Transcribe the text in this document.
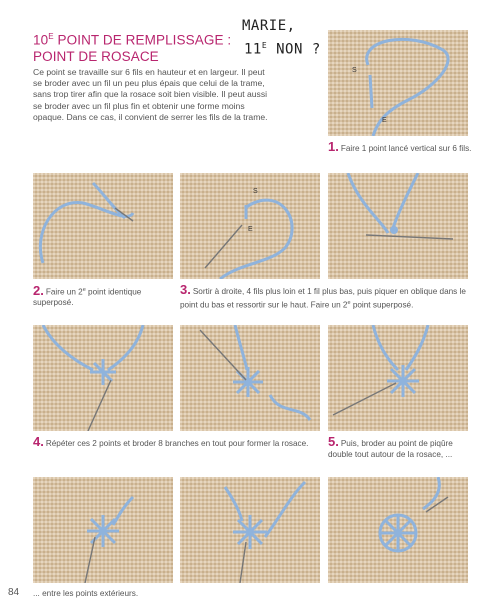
$10^E$ POINT DE REMPLISSAGE :
POINT DE ROSACE
Ce point se travaille sur 6 fils en hauteur et en largeur. Il peut se broder avec un fil un peu plus épais que celui de la trame, sans trop tirer afin que la rosace soit bien visible. Il peut aussi se broder avec un fil plus fin et obtenir une forme moins opaque. Dans ce cas, il convient de serrer les fils de la trame.
MARIE,
$11^E$ NON ?
S
E
1. Faire 1 point lancé vertical sur 6 fils.
S
E
2. Faire un 2e point identique superposé.
3. Sortir à droite, 4 fils plus loin et 1 fil plus bas, puis piquer en oblique dans le point du bas et ressortir sur le haut. Faire un 2e point superposé.
4. Répéter ces 2 points et broder 8 branches en tout pour former la rosace.	5. Puis, broder au point de piqûre double tout autour de la rosace, ...
... entre les points extérieurs.
84
